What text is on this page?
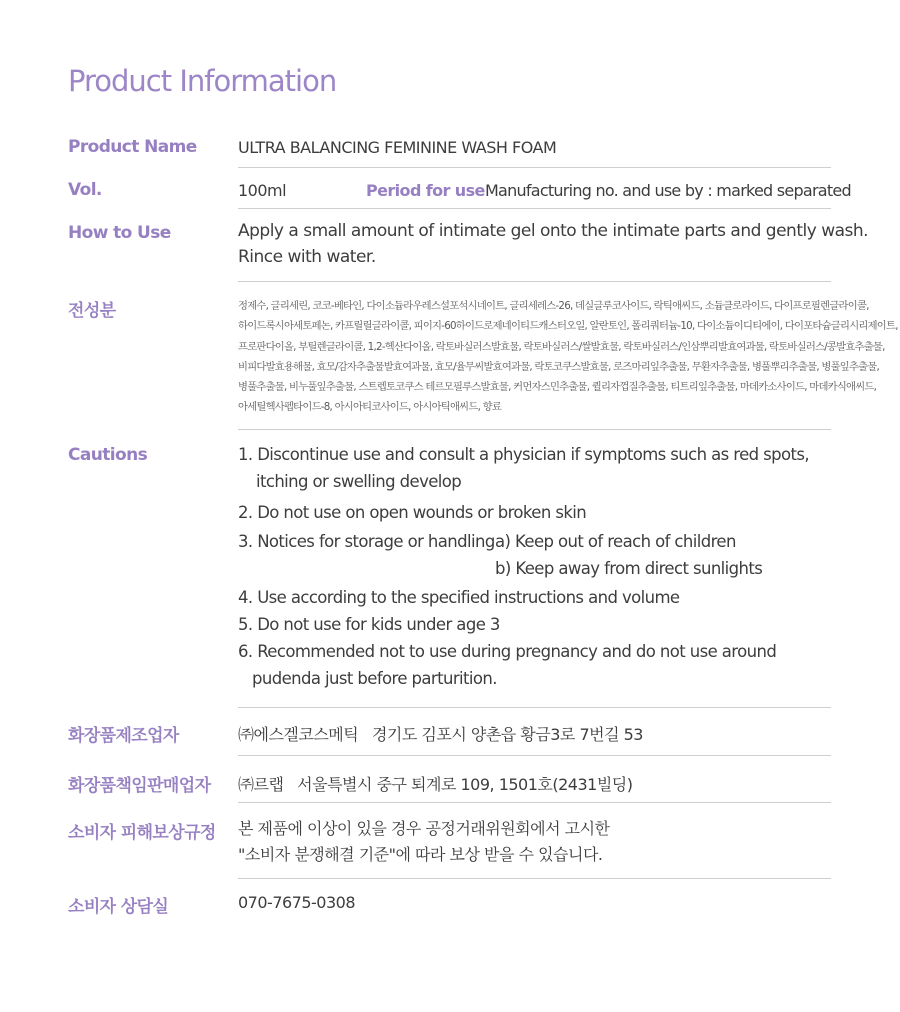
Product Information
Product Name	ULTRA BALANCING FEMININE WASH FOAM
Vol.	100ml	Period for use Manufacturing no. and use by : marked separated
How to Use	Apply a small amount of intimate gel onto the intimate parts and gently wash.
Rince with water.
전성분	정제수, 글리세린, 코코-베타인, 다이소듐라우레스설포석시네이트, 글리세레스-26, 데실글루코사이드, 락틱애씨드, 소듐클로라이드, 다이프로필렌글라이콜,
하이드록시아세토페논, 카프릴릴글라이콜, 피이지-60하이드로제네이티드캐스터오일, 알란토인, 폴리쿼터늄-10, 다이소듐이디티에이, 다이포타슘글리시리제이트,
프로판다이올, 부틸렌글라이콜, 1,2-헥산다이올, 락토바실러스발효물, 락토바실러스/쌀발효물, 락토바실러스/인삼뿌리발효여과물, 락토바실러스/콩발효추출물,
비피다발효용해물, 효모/감자추출물발효여과물, 효모/율무씨발효여과물, 락토코쿠스발효물, 로즈마리잎추출물, 무환자추출물, 병풀뿌리추출물, 병풀잎추출물,
병풀추출물, 비누풀잎추출물, 스트렙토코쿠스 테르모필루스발효물, 커먼자스민추출물, 퀼리자껍질추출물, 티트리잎추출물, 마데카소사이드, 마데카식애씨드,
아세틸헥사펩타이드-8, 아시아티코사이드, 아시아틱애씨드, 향료
Cautions	1. Discontinue use and consult a physician if symptoms such as red spots,
itching or swelling develop
2. Do not use on open wounds or broken skin
3. Notices for storage or handling a) Keep out of reach of children
b) Keep away from direct sunlights
4. Use according to the specified instructions and volume
5. Do not use for kids under age 3
6. Recommended not to use during pregnancy and do not use around
pudenda just before parturition.
화장품제조업자	㈜에스겔코스메틱   경기도 김포시 양촌읍 황금3로 7번길 53
화장품책임판매업자 ㈜르랩   서울특별시 중구 퇴계로 109, 1501호(2431빌딩)
소비자 피해보상규정 본 제품에 이상이 있을 경우 공정거래위원회에서 고시한
"소비자 분쟁해결 기준"에 따라 보상 받을 수 있습니다.
소비자 상담실	070-7675-0308
